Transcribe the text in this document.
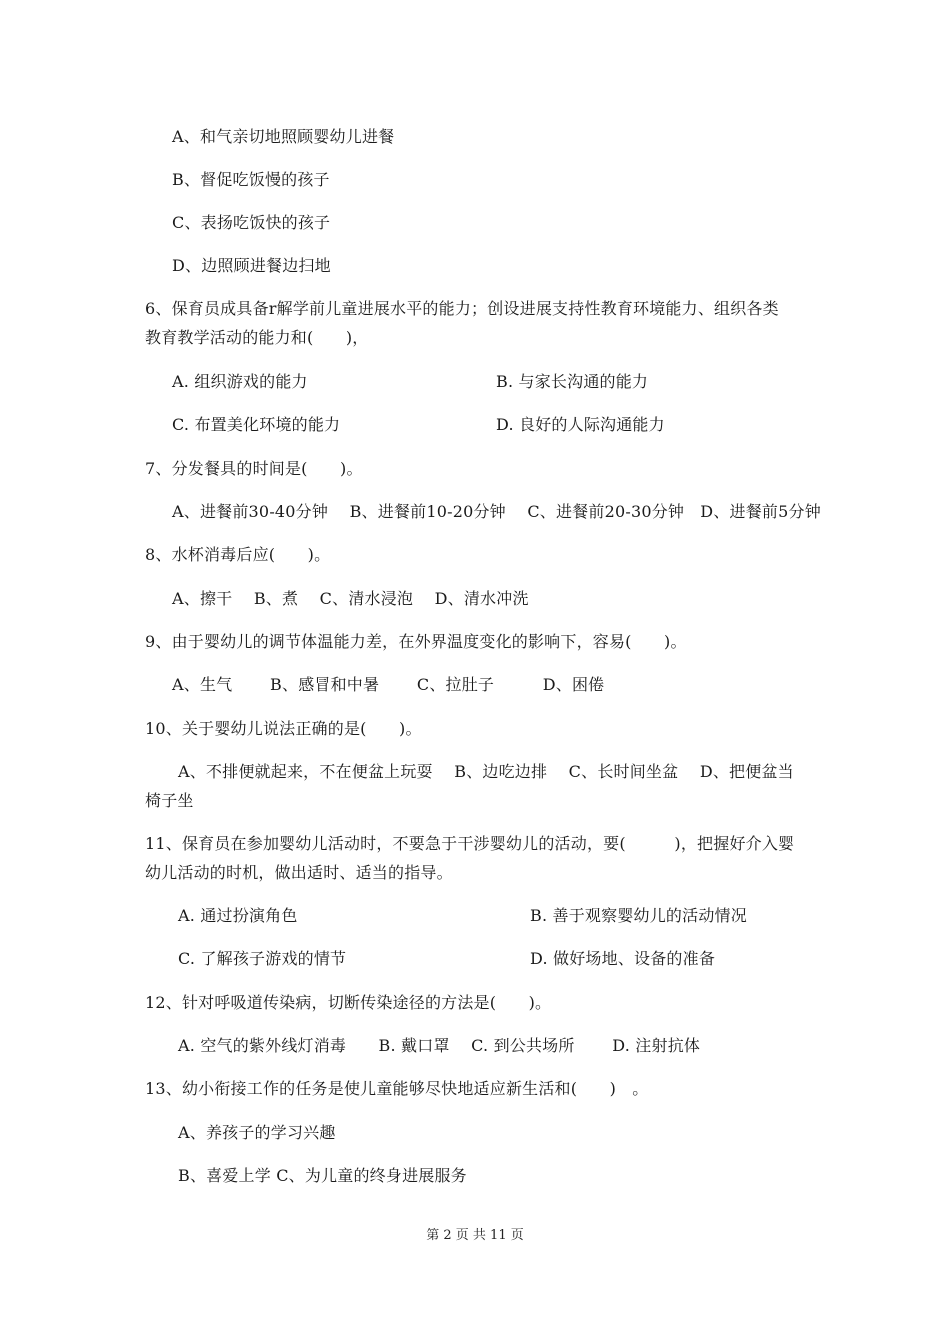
A、和气亲切地照顾婴幼儿进餐
B、督促吃饭慢的孩子
C、表扬吃饭快的孩子
D、边照顾进餐边扫地
6、保育员成具备r解学前儿童进展水平的能力；创设进展支持性教育环境能力、组织各类
教育教学活动的能力和(　　)，
A. 组织游戏的能力	B. 与家长沟通的能力
C. 布置美化环境的能力	D. 良好的人际沟通能力
7、分发餐具的时间是(　　)。
A、进餐前30-40分钟　 B、进餐前10-20分钟　 C、进餐前20-30分钟　D、进餐前5分钟
8、水杯消毒后应(　　)。
A、擦干　 B、煮　 C、清水浸泡　 D、清水冲洗
9、由于婴幼儿的调节体温能力差，在外界温度变化的影响下，容易(　　)。
A、生气　　 B、感冒和中暑　　 C、拉肚子　　　D、困倦
10、关于婴幼儿说法正确的是(　　)。
A、不排便就起来，不在便盆上玩耍　 B、边吃边排　 C、长时间坐盆　 D、把便盆当
椅子坐
11、保育员在参加婴幼儿活动时，不要急于干涉婴幼儿的活动，要(　　　)，把握好介入婴
幼儿活动的时机，做出适时、适当的指导。
A. 通过扮演角色	B. 善于观察婴幼儿的活动情况
C. 了解孩子游戏的情节	D. 做好场地、设备的准备
12、针对呼吸道传染病，切断传染途径的方法是(　　)。
A. 空气的紫外线灯消毒　　B. 戴口罩　 C. 到公共场所　　 D. 注射抗体
13、幼小衔接工作的任务是使儿童能够尽快地适应新生活和(　　)　。
A、养孩子的学习兴趣
B、喜爱上学 C、为儿童的终身进展服务
第 2 页 共 11 页
